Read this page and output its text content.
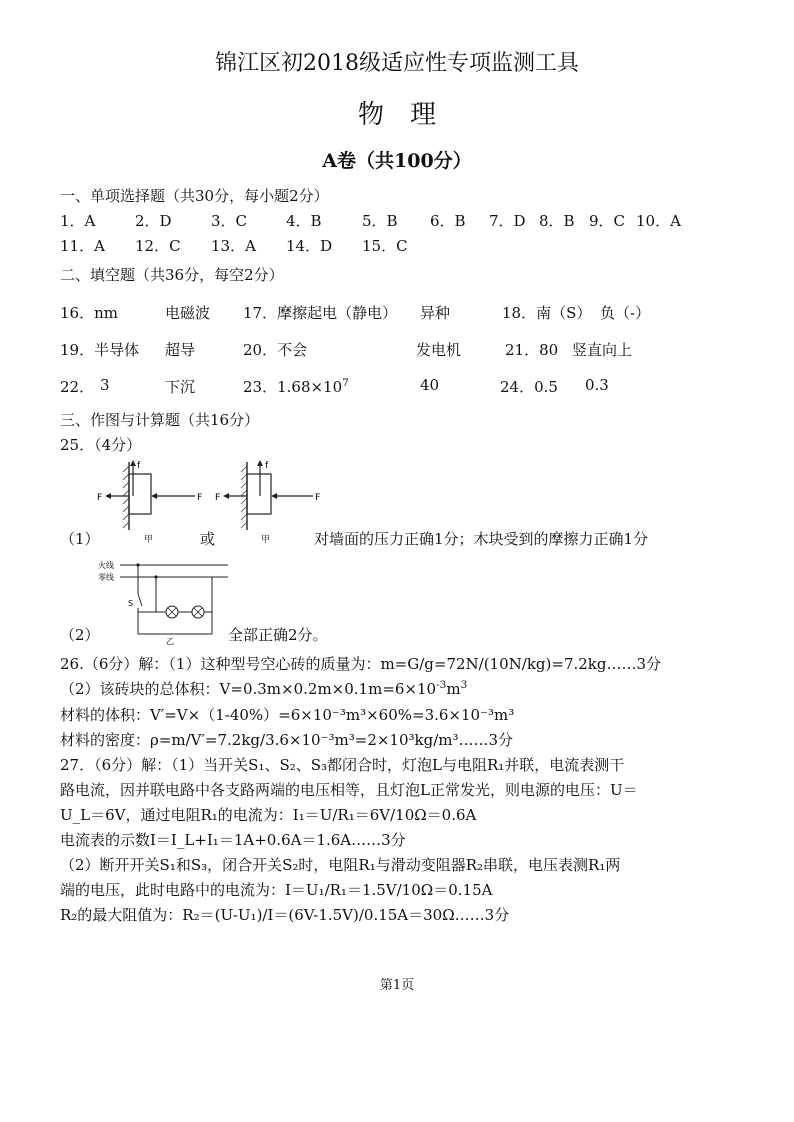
锦江区初2018级适应性专项监测工具
物　理
A卷（共100分）
一、单项选择题（共30分，每小题2分）
1．A	2．D	3．C	4．B	5．B 6．B 7．D 8．B 9．C 10．A
11．A 12．C 13．A 14．D 15．C
二、填空题（共36分，每空2分）
16．nm	电磁波 17．摩擦起电（静电） 异种	18．南（S） 负（-）
19．半导体 超导	20．不会	发电机	21．80 竖直向上
22． 3	下沉	23．$1.68\times 10^7$	40	24．0.5 0.3
三、作图与计算题（共16分）
25．（4分）
F	F
f
F	F
f
（1）	甲	或	甲	对墙面的压力正确1分；木块受到的摩擦力正确1分
火线
零线
S
乙
（2）	全部正确2分。
26.（6分）解：（1）这种型号空心砖的质量为：m=G/g=72N/(10N/kg)=7.2kg……3分
（2）该砖块的总体积：$V=0.3m\times 0.2m\times 0.1m=6\times 10^{-3}m^3$
材料的体积：V′=V×（1-40%）=6×10⁻³m³×60%=3.6×10⁻³m³
材料的密度：ρ=m/V′=7.2kg/3.6×10⁻³m³=2×10³kg/m³……3分
27．（6分）解：（1）当开关S₁、S₂、S₃都闭合时，灯泡L与电阻R₁并联，电流表测干
路电流，因并联电路中各支路两端的电压相等，且灯泡L正常发光，则电源的电压：U＝
U_L＝6V，通过电阻R₁的电流为：I₁＝U/R₁＝6V/10Ω＝0.6A
电流表的示数I＝I_L+I₁＝1A+0.6A＝1.6A……3分
（2）断开开关S₁和S₃，闭合开关S₂时，电阻R₁与滑动变阻器R₂串联，电压表测R₁两
端的电压，此时电路中的电流为：I＝U₁/R₁＝1.5V/10Ω＝0.15A
R₂的最大阻值为：R₂＝(U-U₁)/I＝(6V-1.5V)/0.15A＝30Ω……3分
第1页
